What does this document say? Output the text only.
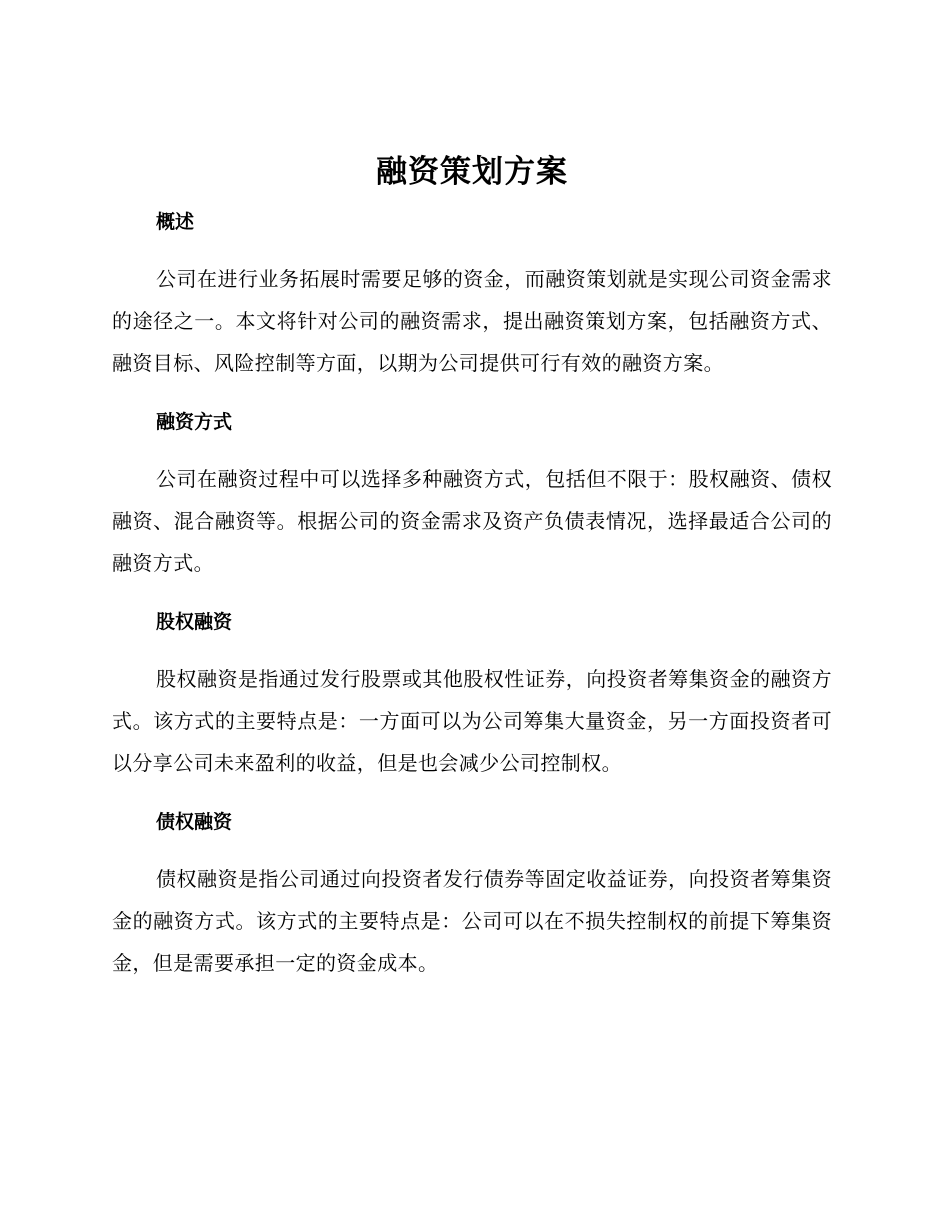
融资策划方案
概述

公司在进行业务拓展时需要足够的资金，而融资策划就是实现公司资金需求的途径之一。本文将针对公司的融资需求，提出融资策划方案，包括融资方式、融资目标、风险控制等方面，以期为公司提供可行有效的融资方案。

融资方式

公司在融资过程中可以选择多种融资方式，包括但不限于：股权融资、债权融资、混合融资等。根据公司的资金需求及资产负债表情况，选择最适合公司的融资方式。

股权融资

股权融资是指通过发行股票或其他股权性证券，向投资者筹集资金的融资方式。该方式的主要特点是：一方面可以为公司筹集大量资金，另一方面投资者可以分享公司未来盈利的收益，但是也会减少公司控制权。

债权融资

债权融资是指公司通过向投资者发行债券等固定收益证券，向投资者筹集资金的融资方式。该方式的主要特点是：公司可以在不损失控制权的前提下筹集资金，但是需要承担一定的资金成本。
